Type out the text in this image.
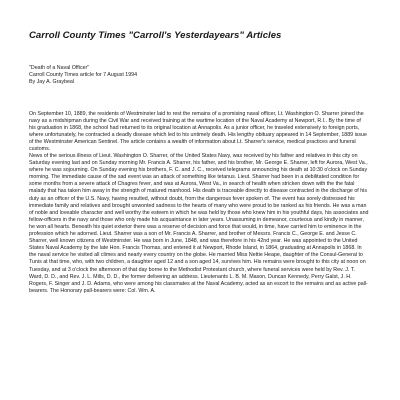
Carroll County Times "Carroll's Yesterdayears" Articles
"Death of a Naval Officer"
Carroll County Times article for 7 August 1994
By Jay A. Graybeal

On September 10, 1889, the residents of Westminster laid to rest the remains of a promising naval officer, Lt. Washington O. Sharrer joined the navy as a midshipman during the Civil War and received training at the wartime location of the Naval Academy at Newport, R.I.. By the time of his graduation in 1868, the school had returned to its original location at Annapolis. As a junior officer, he traveled extensively to foreign ports, where unfortunately, he contracted a deadly disease which led to his untimely death. His lengthy obituary appeared in 14 September, 1889 issue of the Westminster American Sentinel. The article contains a wealth of information about Lt. Sharrer's service, medical practices and funeral customs.

News of the serious illness of Lieut. Washington O. Sharrer, of the United States Navy, was received by his father and relatives in this city on Saturday evening last and on Sunday morning Mr. Francis A. Sharrer, his father, and his brother, Mr. George E. Sharrer, left for Aurora, West Va., where he was sojourning. On Sunday evening his brothers, F. C. and J. C., received telegrams announcing his death at 10:30 o'clock on Sunday morning. The immediate cause of the sad event was an attack of something like tetanus. Lieut. Sharrer had been in a debilitated condition for some months from a severe attack of Chagres fever, and was at Aurora, West Va., in search of health when stricken down with the the fatal malady that has taken him away in the strength of matured manhood. His death is traceable directly to disease contracted in the discharge of his duty as an officer of the U.S. Navy, having resulted, without doubt, from the dangerous fever spoken of. The event has sorely distressed his immediate family and relatives and brought unwonted sadness to the hearts of many who were proud to be ranked as his friends. He was a man of noble and loveable character and well worthy the esteem in which he was held by those who knew him in his youthful days, his associates and fellow-officers in the navy and those who only made his acquaintance in later years. Unassuming in demeanor, courteous and kindly in manner, he won all hearts. Beneath his quiet exterior there was a reserve of decision and force that would, in time, have carried him to eminence in the profession which he adorned. Lieut. Sharrer was a son of Mr. Francis A. Sharrer, and brother of Messrs. Francis C., George E. and Jesse C. Sharrer, well known citizens of Westminster. He was born in June, 1848, and was therefore in his 42nd year. He was appointed to the United States Naval Academy by the late Hon. Francis Thomas, and entered it at Newport, Rhode Island, in 1864, graduating at Annapolis in 1868. In the naval service he visited all climes and nearly every country on the globe. He married Miss Nettie Heape, daughter of the Consul-General to Tunis at that time, who, with two children, a daughter aged 12 and a son aged 14, survives him. His remains were brought to this city at noon on Tuesday, and at 3 o'clock the afternoon of that day borne to the Methodist Protestant church, where funeral services were held by Rev. J. T. Ward, D. D., and Rev. J. L. Mills, D. D., the former delivering an address. Lieutenants L. B. M. Mason, Duncan Kennedy, Perry Galst, J. H. Rogers, F. Singer and J. D. Adams, who were among his classmates at the Naval Academy, acted as an escort to the remains and as active pall-bearers. The Honorary pall-bearers were: Col. Wm. A.
